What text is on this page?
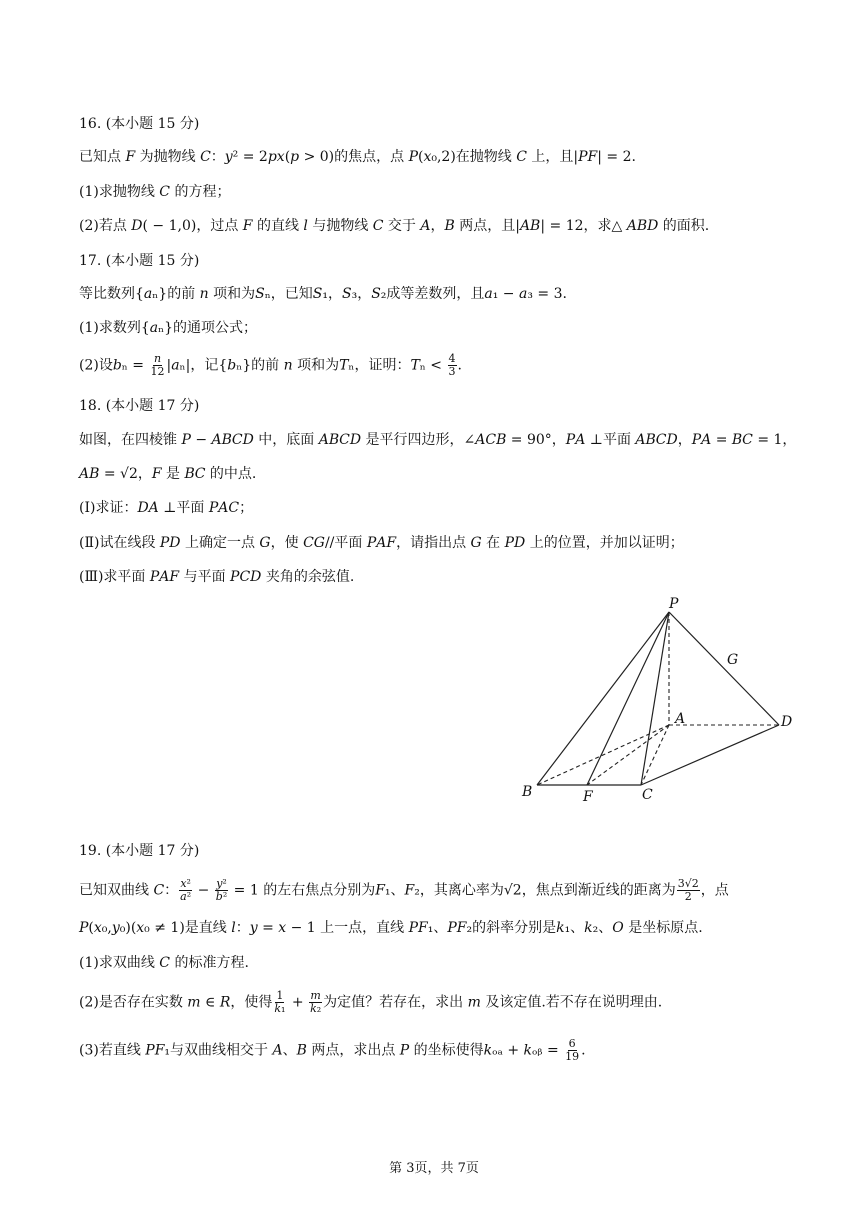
16. (本小题 15 分)
已知点 𝐹 为抛物线 𝐶：𝑦² = 2𝑝𝑥(𝑝 > 0)的焦点，点 𝑃(𝑥₀,2)在抛物线 𝐶 上，且|𝑃𝐹| = 2.
(1)求抛物线 𝐶 的方程；
(2)若点 𝐷( − 1,0)，过点 𝐹 的直线 𝑙 与抛物线 𝐶 交于 𝐴，𝐵 两点，且|𝐴𝐵| = 12，求△ 𝐴𝐵𝐷 的面积.
17. (本小题 15 分)
等比数列{𝑎ₙ}的前 𝑛 项和为𝑆ₙ，已知𝑆₁，𝑆₃，𝑆₂成等差数列，且𝑎₁ − 𝑎₃ = 3.
(1)求数列{𝑎ₙ}的通项公式；
(2)设𝑏ₙ = $\frac{\text{𝑛}}{12}$ |𝑎ₙ|，记{𝑏ₙ}的前 𝑛 项和为𝑇ₙ，证明：𝑇ₙ < $\frac{4}{3}$ .
18. (本小题 17 分)
如图，在四棱锥 𝑃 − 𝐴𝐵𝐶𝐷 中，底面 𝐴𝐵𝐶𝐷 是平行四边形，∠𝐴𝐶𝐵 = 90°，𝑃𝐴 ⊥平面 𝐴𝐵𝐶𝐷，𝑃𝐴 = 𝐵𝐶 = 1，
𝐴𝐵 = √2，𝐹 是 𝐵𝐶 的中点.
(Ⅰ)求证：𝐷𝐴 ⊥平面 𝑃𝐴𝐶；
(Ⅱ)试在线段 𝑃𝐷 上确定一点 𝐺，使 𝐶𝐺//平面 𝑃𝐴𝐹，请指出点 𝐺 在 𝑃𝐷 上的位置，并加以证明；
(Ⅲ)求平面 𝑃𝐴𝐹 与平面 𝑃𝐶𝐷 夹角的余弦值.
P
G
A	D
B	F	C
19. (本小题 17 分)
已知双曲线 𝐶： $\frac{\text{𝑥²}}{\text{𝑎²}} - \frac{\text{𝑦²}}{\text{𝑏²}} = 1$ 的左右焦点分别为𝐹₁、𝐹₂，其离心率为√2，焦点到渐近线的距离为 $\frac{3√2}{2}$ ，点
𝑃(𝑥₀,𝑦₀)(𝑥₀ ≠ 1)是直线 𝑙：𝑦 = 𝑥 − 1 上一点，直线 𝑃𝐹₁、𝑃𝐹₂的斜率分别是𝑘₁、𝑘₂、𝑂 是坐标原点.
(1)求双曲线 𝐶 的标准方程.
(2)是否存在实数 𝑚 ∈ 𝑅，使得 $\frac{1}{\text{𝑘₁}} + \frac{\text{𝑚}}{\text{𝑘₂}}$ 为定值？若存在，求出 𝑚 及该定值.若不存在说明理由.
(3)若直线 𝑃𝐹₁与双曲线相交于 𝐴、𝐵 两点，求出点 𝑃 的坐标使得𝑘ₒₐ + 𝑘ₒᵦ = $\frac{6}{19}$ .
第 3页，共 7页
